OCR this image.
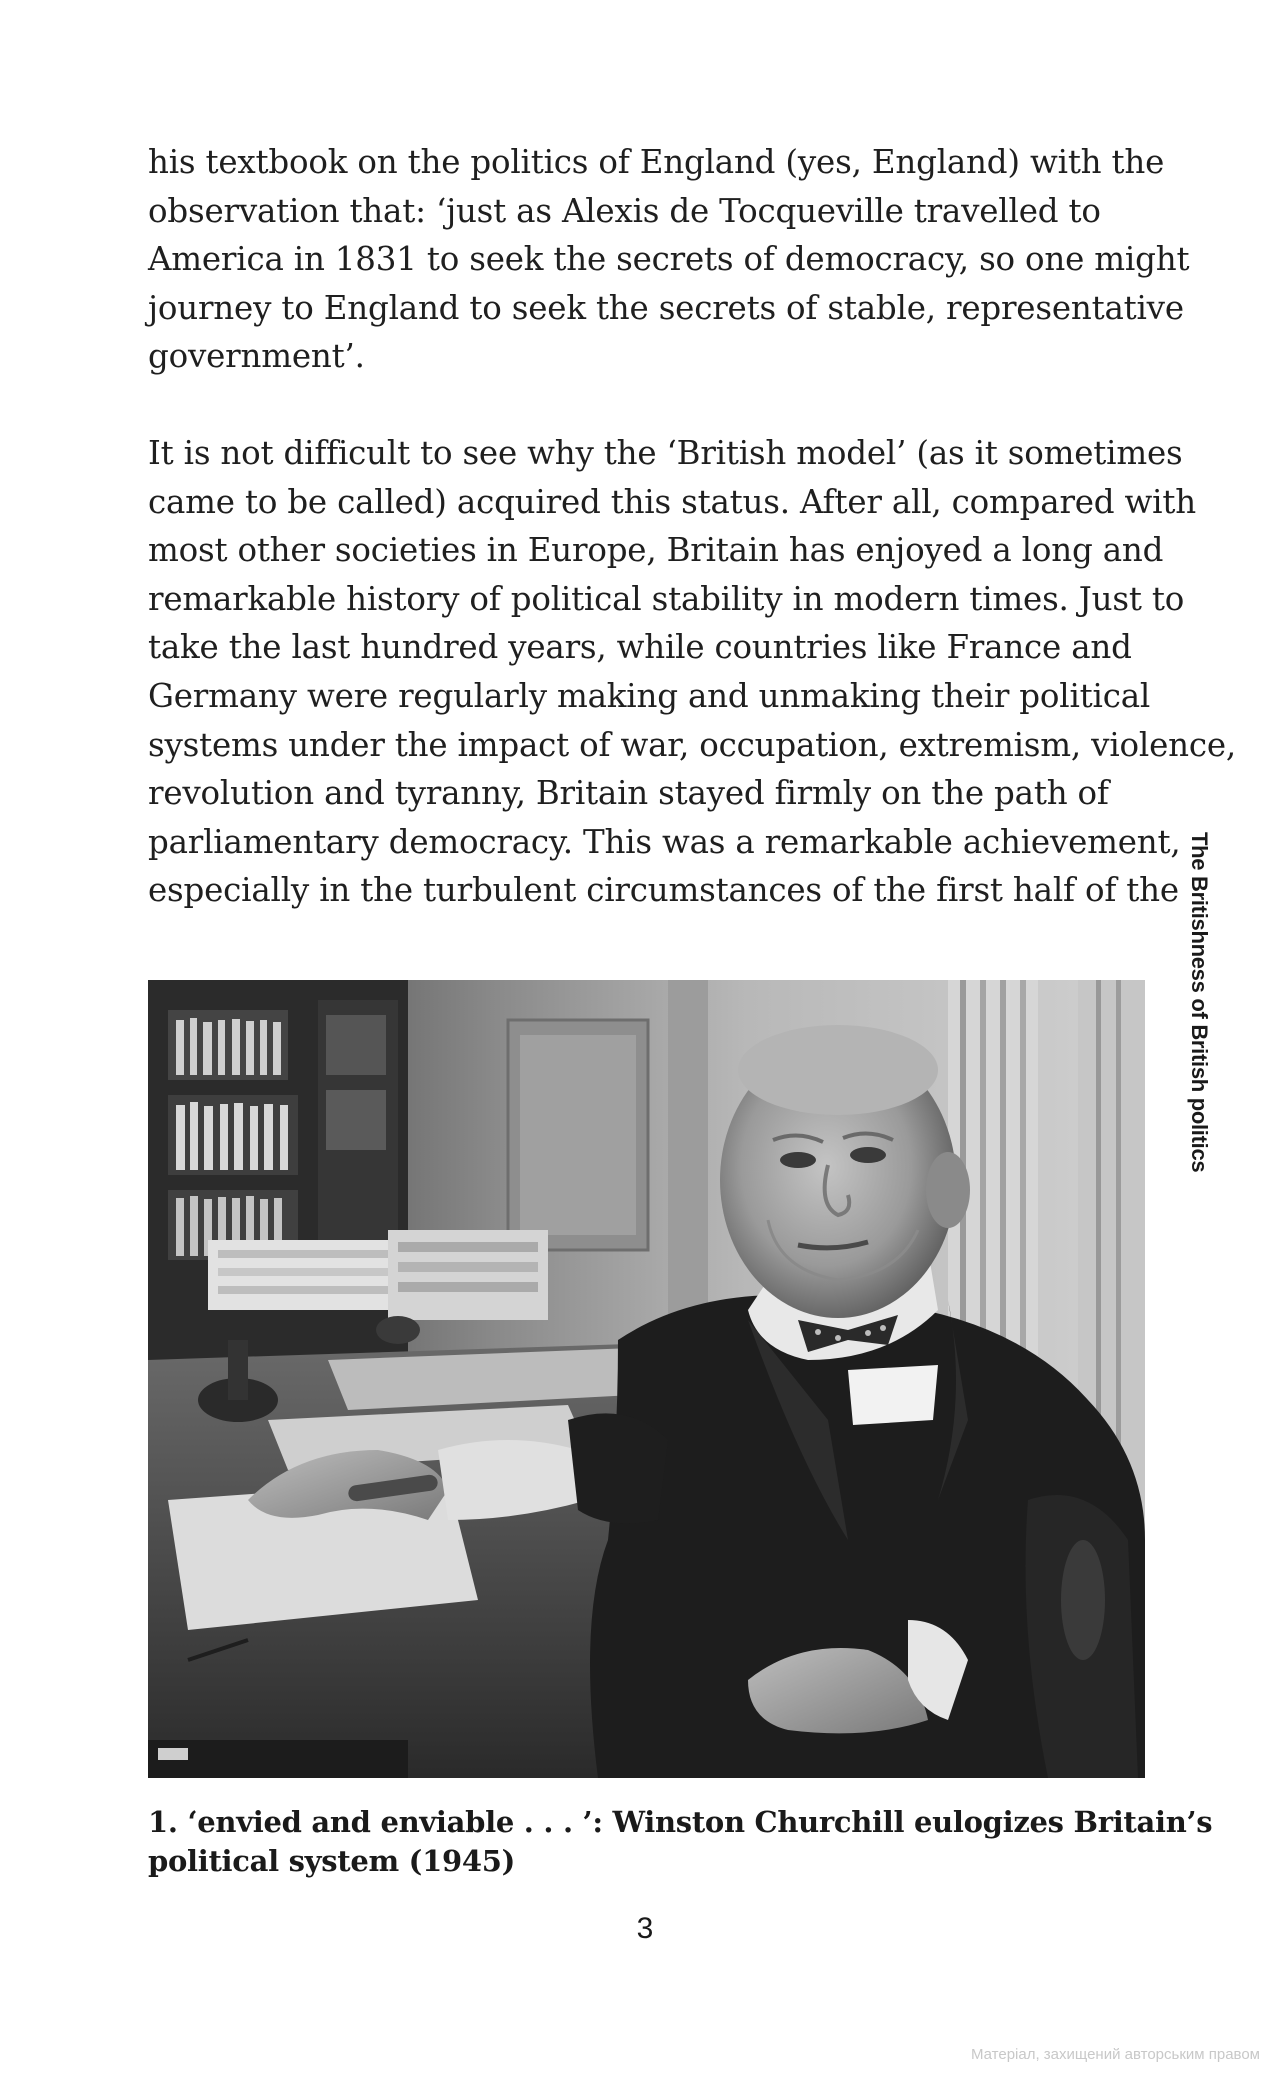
his textbook on the politics of England (yes, England) with the
observation that: ‘just as Alexis de Tocqueville travelled to
America in 1831 to seek the secrets of democracy, so one might
journey to England to seek the secrets of stable, representative
government’.

It is not difficult to see why the ‘British model’ (as it sometimes
came to be called) acquired this status. After all, compared with
most other societies in Europe, Britain has enjoyed a long and
remarkable history of political stability in modern times. Just to
take the last hundred years, while countries like France and
Germany were regularly making and unmaking their political
systems under the impact of war, occupation, extremism, violence,
revolution and tyranny, Britain stayed firmly on the path of
parliamentary democracy. This was a remarkable achievement,
especially in the turbulent circumstances of the first half of the

1. ‘envied and enviable . . . ’: Winston Churchill eulogizes Britain’s
political system (1945)

The Britishness of British politics
3
Матеріал, захищений авторським правом
